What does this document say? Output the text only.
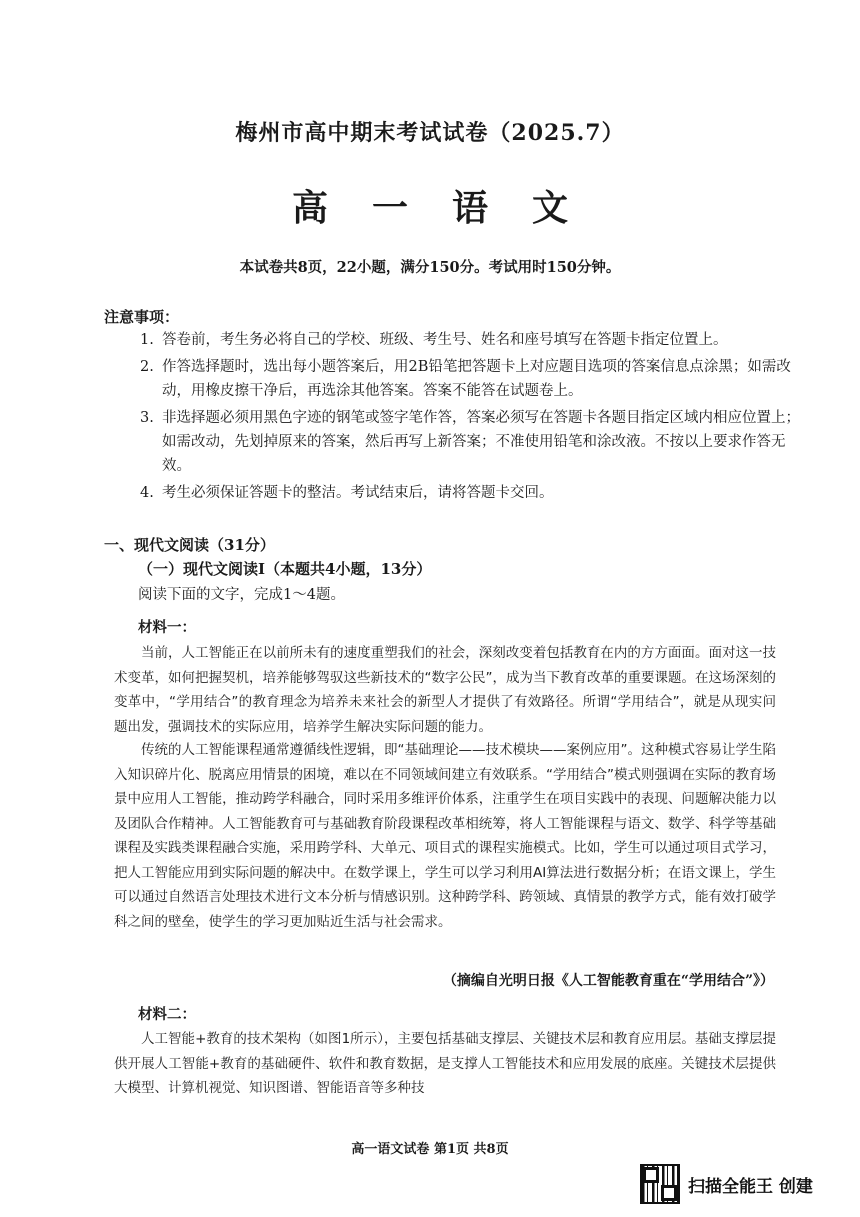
梅州市高中期末考试试卷（2025.7）
高 一 语 文
本试卷共8页，22小题，满分150分。考试用时150分钟。
注意事项：
1. 答卷前，考生务必将自己的学校、班级、考生号、姓名和座号填写在答题卡指定位置上。
2. 作答选择题时，选出每小题答案后，用2B铅笔把答题卡上对应题目选项的答案信息点涂黑；如需改动，用橡皮擦干净后，再选涂其他答案。答案不能答在试题卷上。
3. 非选择题必须用黑色字迹的钢笔或签字笔作答，答案必须写在答题卡各题目指定区域内相应位置上；如需改动，先划掉原来的答案，然后再写上新答案；不准使用铅笔和涂改液。不按以上要求作答无效。
4. 考生必须保证答题卡的整洁。考试结束后，请将答题卡交回。
一、现代文阅读（31分）
（一）现代文阅读Ⅰ（本题共4小题，13分）
阅读下面的文字，完成1～4题。
材料一：
当前，人工智能正在以前所未有的速度重塑我们的社会，深刻改变着包括教育在内的方方面面。面对这一技术变革，如何把握契机，培养能够驾驭这些新技术的“数字公民”，成为当下教育改革的重要课题。在这场深刻的变革中，“学用结合”的教育理念为培养未来社会的新型人才提供了有效路径。所谓“学用结合”，就是从现实问题出发，强调技术的实际应用，培养学生解决实际问题的能力。
传统的人工智能课程通常遵循线性逻辑，即“基础理论——技术模块——案例应用”。这种模式容易让学生陷入知识碎片化、脱离应用情景的困境，难以在不同领域间建立有效联系。“学用结合”模式则强调在实际的教育场景中应用人工智能，推动跨学科融合，同时采用多维评价体系，注重学生在项目实践中的表现、问题解决能力以及团队合作精神。人工智能教育可与基础教育阶段课程改革相统筹，将人工智能课程与语文、数学、科学等基础课程及实践类课程融合实施，采用跨学科、大单元、项目式的课程实施模式。比如，学生可以通过项目式学习，把人工智能应用到实际问题的解决中。在数学课上，学生可以学习利用AI算法进行数据分析；在语文课上，学生可以通过自然语言处理技术进行文本分析与情感识别。这种跨学科、跨领域、真情景的教学方式，能有效打破学科之间的壁垒，使学生的学习更加贴近生活与社会需求。
（摘编自光明日报《人工智能教育重在“学用结合”》）
材料二：
人工智能+教育的技术架构（如图1所示），主要包括基础支撑层、关键技术层和教育应用层。基础支撑层提供开展人工智能+教育的基础硬件、软件和教育数据，是支撑人工智能技术和应用发展的底座。关键技术层提供大模型、计算机视觉、知识图谱、智能语音等多种技
高一语文试卷 第1页 共8页
扫描全能王 创建
